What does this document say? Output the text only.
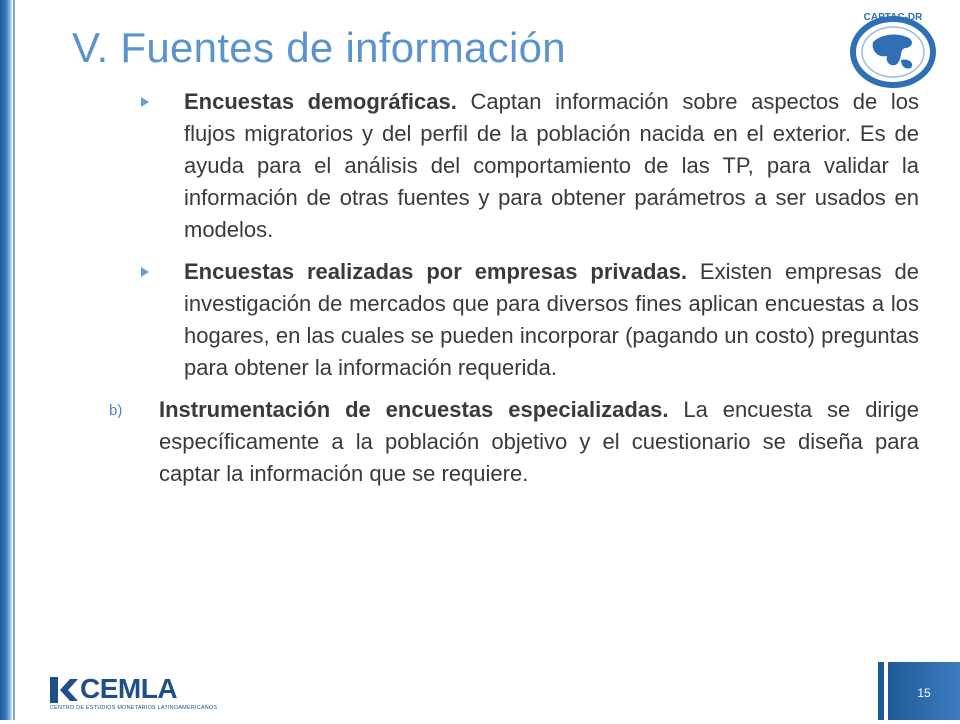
V. Fuentes de información
CAPTAC-DR
Encuestas demográficas. Captan información sobre aspectos de los flujos migratorios y del perfil de la población nacida en el exterior. Es de ayuda para el análisis del comportamiento de las TP, para validar la información de otras fuentes y para obtener parámetros a ser usados en modelos.
Encuestas realizadas por empresas privadas. Existen empresas de investigación de mercados que para diversos fines aplican encuestas a los hogares, en las cuales se pueden incorporar (pagando un costo) preguntas para obtener la información requerida.
b) Instrumentación de encuestas especializadas. La encuesta se dirige específicamente a la población objetivo y el cuestionario se diseña para captar la información que se requiere.
CEMLA
CENTRO DE ESTUDIOS MONETARIOS LATINOAMERICANOS
15
